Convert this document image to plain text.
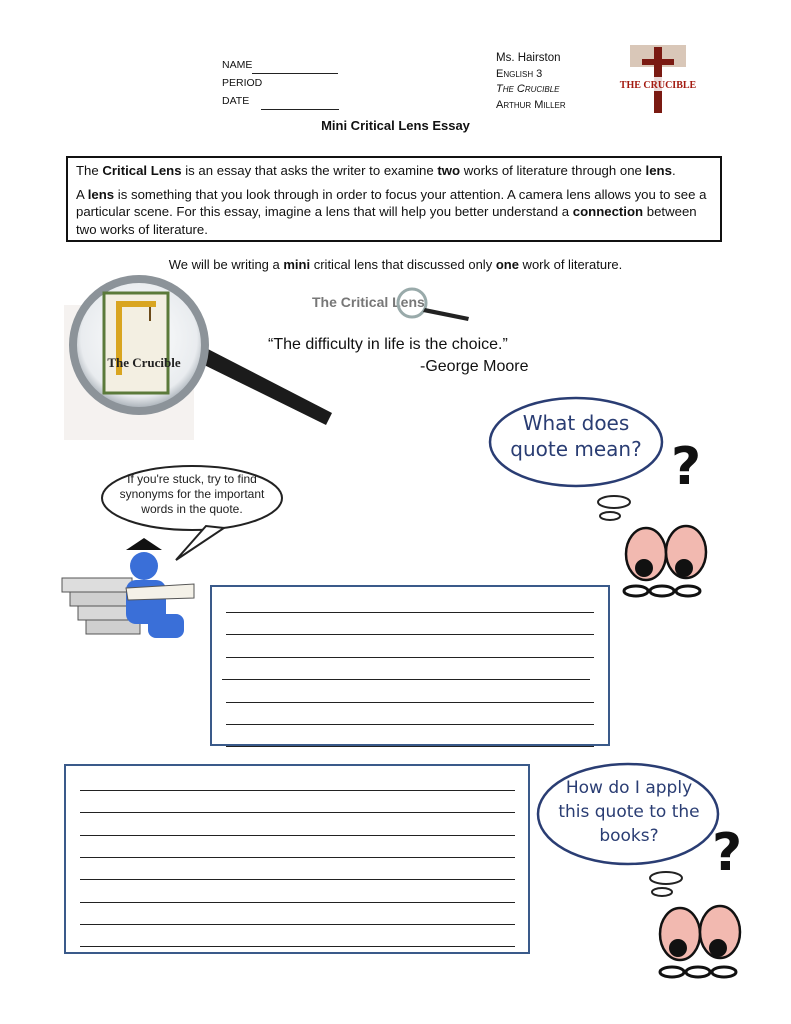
NAME
PERIOD
DATE
Ms. Hairston
English 3
The Crucible
Arthur Miller
THE CRUCIBLE
Mini Critical Lens Essay

The Critical Lens is an essay that asks the writer to examine two works of literature through one lens.

A lens is something that you look through in order to focus your attention. A camera lens allows you to see a particular scene. For this essay, imagine a lens that will help you better understand a connection between two works of literature.

We will be writing a mini critical lens that discussed only one work of literature.
The Crucible
The Critical Lens
“The difficulty in life is the choice.”
-George Moore
?
What does quote mean?
If you're stuck, try to find synonyms for the important words in the quote.
?
How do I apply this quote to the books?
